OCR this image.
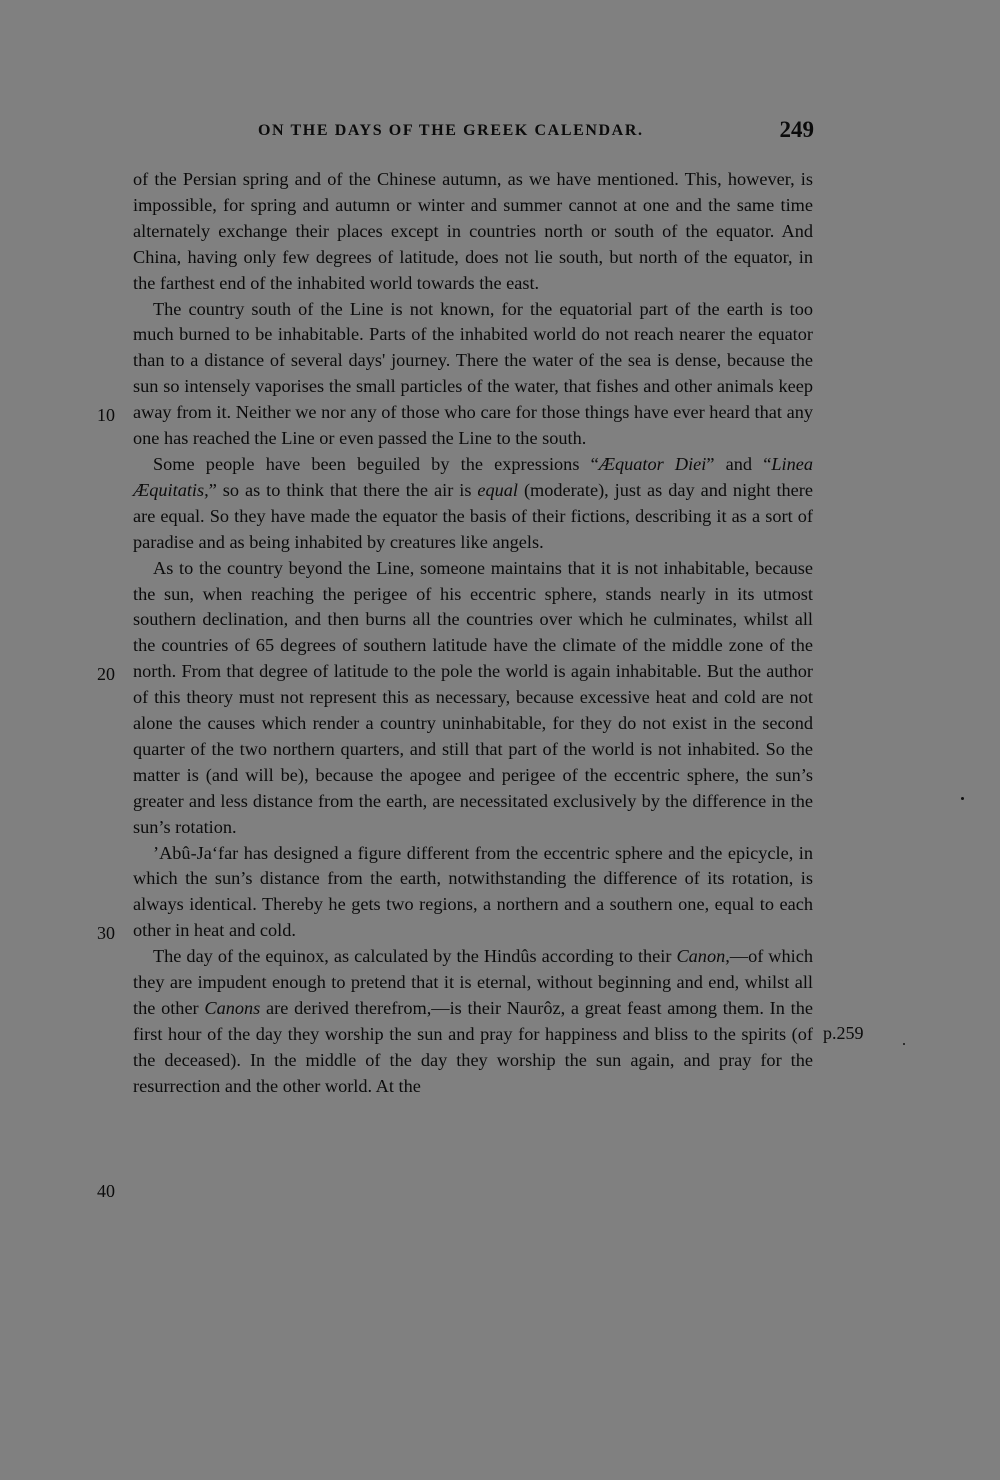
ON THE DAYS OF THE GREEK CALENDAR.	249
10
20
30
40
p.259

of the Persian spring and of the Chinese autumn, as we have mentioned. This, however, is impossible, for spring and autumn or winter and summer cannot at one and the same time alternately exchange their places except in countries north or south of the equator. And China, having only few degrees of latitude, does not lie south, but north of the equator, in the farthest end of the inhabited world towards the east.

The country south of the Line is not known, for the equatorial part of the earth is too much burned to be inhabitable. Parts of the inhabited world do not reach nearer the equator than to a distance of several days' journey. There the water of the sea is dense, because the sun so intensely vaporises the small particles of the water, that fishes and other animals keep away from it. Neither we nor any of those who care for those things have ever heard that any one has reached the Line or even passed the Line to the south.

Some people have been beguiled by the expressions “Æquator Diei” and “Linea Æquitatis,” so as to think that there the air is equal (moderate), just as day and night there are equal. So they have made the equator the basis of their fictions, describing it as a sort of paradise and as being inhabited by creatures like angels.

As to the country beyond the Line, someone maintains that it is not inhabitable, because the sun, when reaching the perigee of his eccentric sphere, stands nearly in its utmost southern declination, and then burns all the countries over which he culminates, whilst all the countries of 65 degrees of southern latitude have the climate of the middle zone of the north. From that degree of latitude to the pole the world is again inhabitable. But the author of this theory must not represent this as necessary, because excessive heat and cold are not alone the causes which render a country uninhabitable, for they do not exist in the second quarter of the two northern quarters, and still that part of the world is not inhabited. So the matter is (and will be), because the apogee and perigee of the eccentric sphere, the sun’s greater and less distance from the earth, are necessitated exclusively by the difference in the sun’s rotation.

’Abû-Ja‘far has designed a figure different from the eccentric sphere and the epicycle, in which the sun’s distance from the earth, notwithstanding the difference of its rotation, is always identical. Thereby he gets two regions, a northern and a southern one, equal to each other in heat and cold.

The day of the equinox, as calculated by the Hindûs according to their Canon,—of which they are impudent enough to pretend that it is eternal, without beginning and end, whilst all the other Canons are derived therefrom,—is their Naurôz, a great feast among them. In the first hour of the day they worship the sun and pray for happiness and bliss to the spirits (of the deceased). In the middle of the day they worship the sun again, and pray for the resurrection and the other world. At the
